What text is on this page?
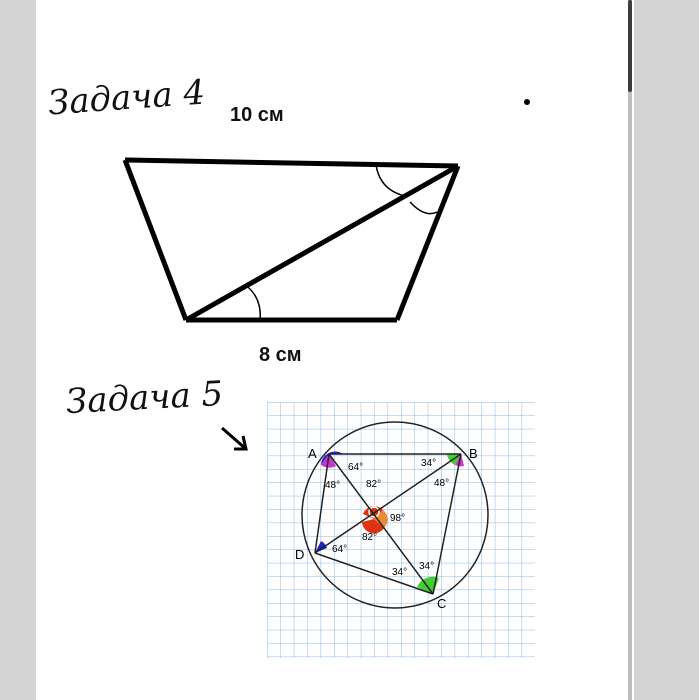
Задача 4 10 см
8 см
Задача 5
A	B
C
D
64°
48°
34°
48°
82°
98°
82°
64°
34°
34°
